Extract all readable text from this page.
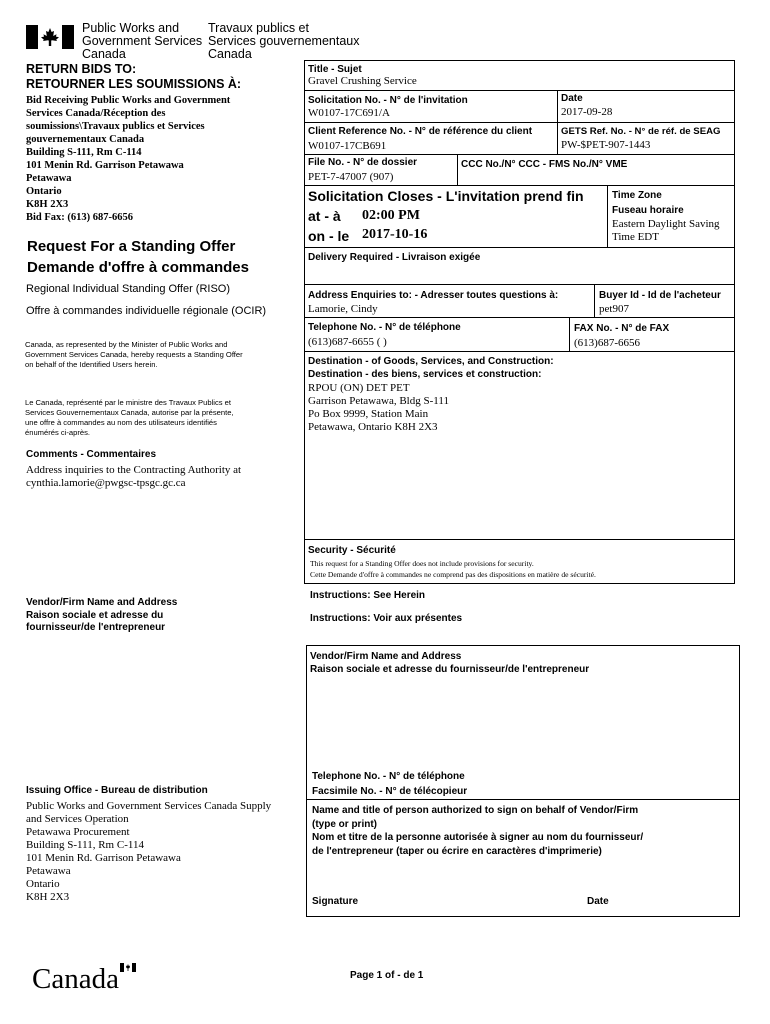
Public Works and
Government Services
Canada
Travaux publics et
Services gouvernementaux
Canada
RETURN BIDS TO:
RETOURNER LES SOUMISSIONS À:
Bid Receiving Public Works and Government
Services Canada/Réception des
soumissions\Travaux publics et Services
gouvernementaux Canada
Building S-111, Rm C-114
101 Menin Rd. Garrison Petawawa
Petawawa
Ontario
K8H 2X3
Bid Fax: (613) 687-6656
Request For a Standing Offer
Demande d'offre à commandes
Regional Individual Standing Offer (RISO)
Offre à commandes individuelle régionale (OCIR)
Canada, as represented by the Minister of Public Works and
Government Services Canada, hereby requests a Standing Offer
on behalf of the Identified Users herein.
Le Canada, représenté par le ministre des Travaux Publics et
Services Gouvernementaux Canada, autorise par la présente,
une offre à commandes au nom des utilisateurs identifiés
énumérés ci-après.
Comments - Commentaires
Address inquiries to the Contracting Authority at
cynthia.lamorie@pwgsc-tpsgc.gc.ca
Vendor/Firm Name and Address
Raison sociale et adresse du
fournisseur/de l'entrepreneur
Issuing Office - Bureau de distribution
Public Works and Government Services Canada Supply
and Services Operation
Petawawa Procurement
Building S-111, Rm C-114
101 Menin Rd. Garrison Petawawa
Petawawa
Ontario
K8H 2X3
Title - Sujet
Gravel Crushing Service
Solicitation No. - N° de l'invitation
W0107-17C691/A
Date
2017-09-28
Client Reference No. - N° de référence du client
W0107-17CB691
GETS Ref. No. - N° de réf. de SEAG
PW-$PET-907-1443
File No. - N° de dossier
PET-7-47007 (907)
CCC No./N° CCC - FMS No./N° VME
Solicitation Closes - L'invitation prend fin
at - à 02:00 PM
on - le 2017-10-16
Time Zone
Fuseau horaire
Eastern Daylight Saving
Time EDT
Delivery Required - Livraison exigée
Address Enquiries to: - Adresser toutes questions à:
Lamorie, Cindy
Buyer Id - Id de l'acheteur
pet907
Telephone No. - N° de téléphone
(613)687-6655 ( )
FAX No. - N° de FAX
(613)687-6656
Destination - of Goods, Services, and Construction:
Destination - des biens, services et construction:
RPOU (ON) DET PET
Garrison Petawawa, Bldg S-111
Po Box 9999, Station Main
Petawawa, Ontario K8H 2X3
Security - Sécurité
This request for a Standing Offer does not include provisions for security.
Cette Demande d'offre à commandes ne comprend pas des dispositions en matière de sécurité.
Instructions: See Herein
Instructions: Voir aux présentes
Vendor/Firm Name and Address
Raison sociale et adresse du fournisseur/de l'entrepreneur
Telephone No. - N° de téléphone
Facsimile No. - N° de télécopieur
Name and title of person authorized to sign on behalf of Vendor/Firm
(type or print)
Nom et titre de la personne autorisée à signer au nom du fournisseur/
de l'entrepreneur (taper ou écrire en caractères d'imprimerie)
Signature	Date
Canada	Page 1 of - de 1
